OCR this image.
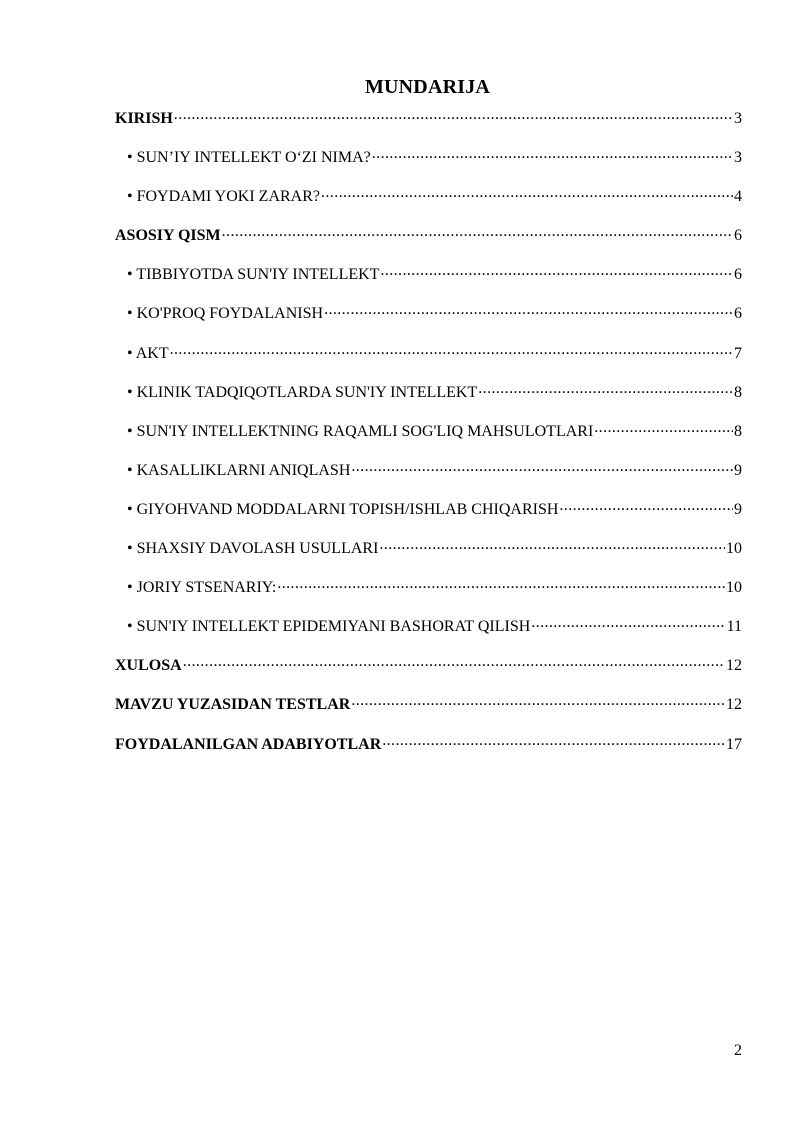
MUNDARIJA
KIRISH .....	3
• SUN’IY INTELLEKT O‘ZI NIMA? .....	3
• FOYDAMI YOKI ZARAR? .....	4
ASOSIY QISM .....	6
• TIBBIYOTDA SUN'IY INTELLEKT .....	6
• KO'PROQ FOYDALANISH .....	6
• AKT .....	7
• KLINIK TADQIQOTLARDA SUN'IY INTELLEKT .....	8
• SUN'IY INTELLEKTNING RAQAMLI SOG'LIQ MAHSULOTLARI .....	8
• KASALLIKLARNI ANIQLASH .....	9
• GIYOHVAND MODDALARNI TOPISH/ISHLAB CHIQARISH .....	9
• SHAXSIY DAVOLASH USULLARI .....	10
• JORIY STSENARIY: .....	10
• SUN'IY INTELLEKT EPIDEMIYANI BASHORAT QILISH .....	11
XULOSA .....	12
MAVZU YUZASIDAN TESTLAR .....	12
FOYDALANILGAN ADABIYOTLAR .....	17
2
